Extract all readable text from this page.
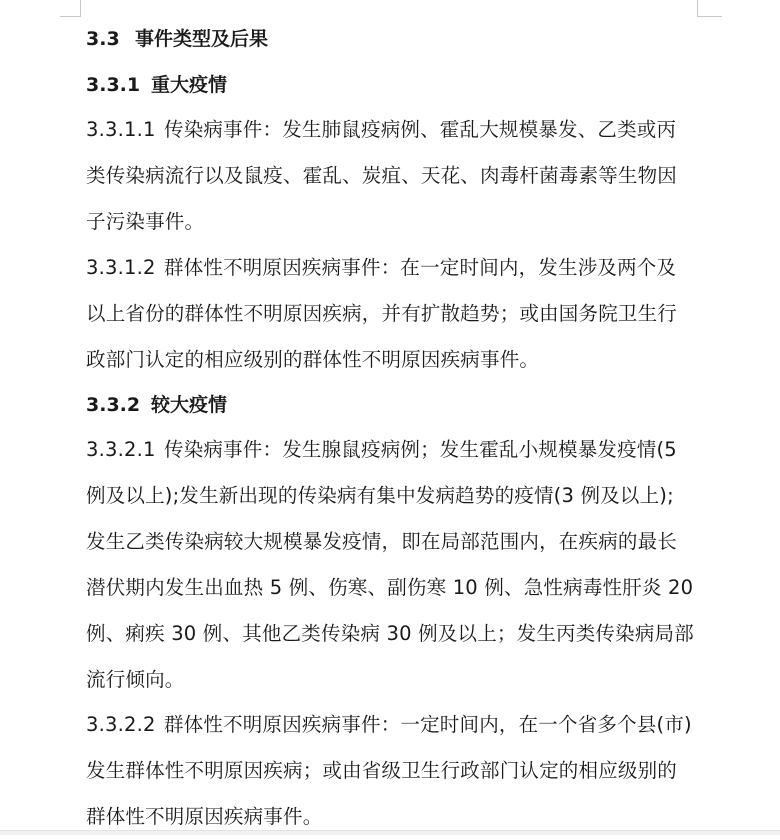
3.3 事件类型及后果
3.3.1 重大疫情
3.3.1.1 传染病事件：发生肺鼠疫病例、霍乱大规模暴发、乙类或丙
类传染病流行以及鼠疫、霍乱、炭疽、天花、肉毒杆菌毒素等生物因
子污染事件。
3.3.1.2 群体性不明原因疾病事件：在一定时间内，发生涉及两个及
以上省份的群体性不明原因疾病，并有扩散趋势；或由国务院卫生行
政部门认定的相应级别的群体性不明原因疾病事件。
3.3.2 较大疫情
3.3.2.1 传染病事件：发生腺鼠疫病例；发生霍乱小规模暴发疫情(5
例及以上);发生新出现的传染病有集中发病趋势的疫情(3 例及以上);
发生乙类传染病较大规模暴发疫情，即在局部范围内，在疾病的最长
潜伏期内发生出血热 5 例、伤寒、副伤寒 10 例、急性病毒性肝炎 20
例、痢疾 30 例、其他乙类传染病 30 例及以上；发生丙类传染病局部
流行倾向。
3.3.2.2 群体性不明原因疾病事件：一定时间内，在一个省多个县(市)
发生群体性不明原因疾病；或由省级卫生行政部门认定的相应级别的
群体性不明原因疾病事件。
